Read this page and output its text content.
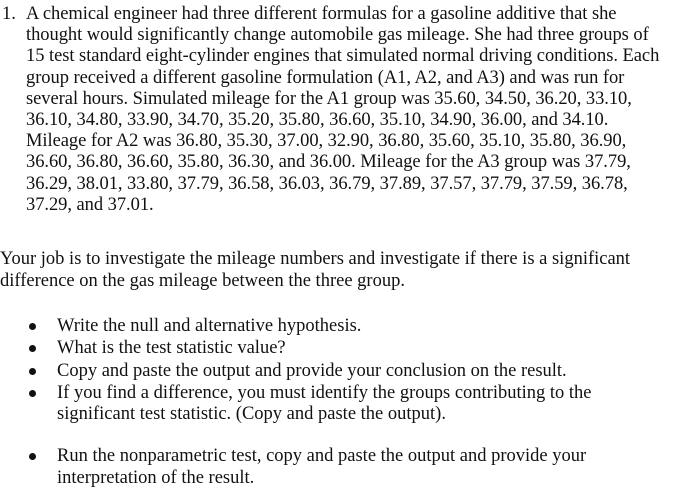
1. A chemical engineer had three different formulas for a gasoline additive that she
thought would significantly change automobile gas mileage. She had three groups of
15 test standard eight-cylinder engines that simulated normal driving conditions. Each
group received a different gasoline formulation (A1, A2, and A3) and was run for
several hours. Simulated mileage for the A1 group was 35.60, 34.50, 36.20, 33.10,
36.10, 34.80, 33.90, 34.70, 35.20, 35.80, 36.60, 35.10, 34.90, 36.00, and 34.10.
Mileage for A2 was 36.80, 35.30, 37.00, 32.90, 36.80, 35.60, 35.10, 35.80, 36.90,
36.60, 36.80, 36.60, 35.80, 36.30, and 36.00. Mileage for the A3 group was 37.79,
36.29, 38.01, 33.80, 37.79, 36.58, 36.03, 36.79, 37.89, 37.57, 37.79, 37.59, 36.78,
37.29, and 37.01.
Your job is to investigate the mileage numbers and investigate if there is a significant
difference on the gas mileage between the three group.
Write the null and alternative hypothesis.
What is the test statistic value?
Copy and paste the output and provide your conclusion on the result.
If you find a difference, you must identify the groups contributing to the
significant test statistic. (Copy and paste the output).
Run the nonparametric test, copy and paste the output and provide your
interpretation of the result.
